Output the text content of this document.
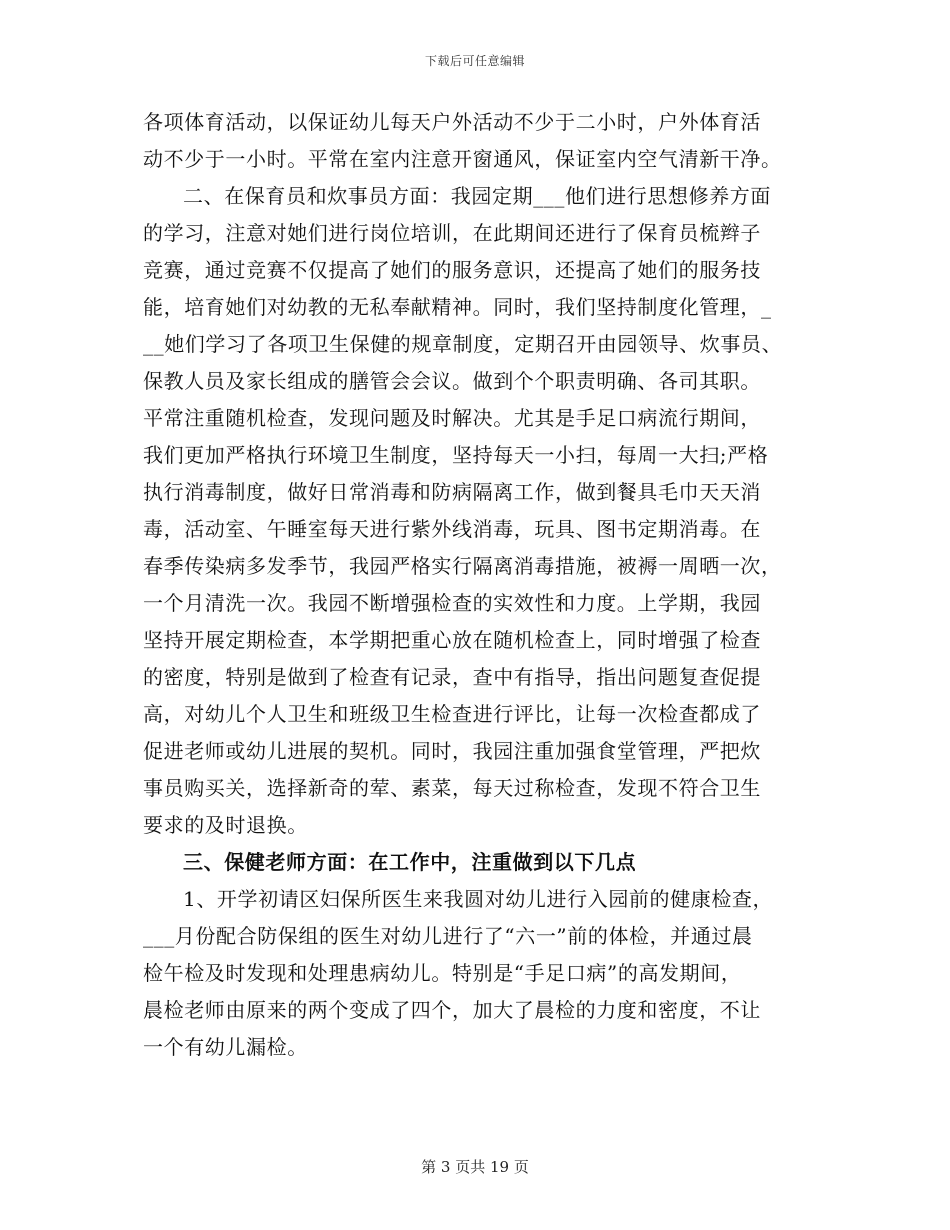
下载后可任意编辑
各项体育活动，以保证幼儿每天户外活动不少于二小时，户外体育活
动不少于一小时。平常在室内注意开窗通风，保证室内空气清新干净。
二、在保育员和炊事员方面：我园定期___他们进行思想修养方面
的学习，注意对她们进行岗位培训，在此期间还进行了保育员梳辫子
竞赛，通过竞赛不仅提高了她们的服务意识，还提高了她们的服务技
能，培育她们对幼教的无私奉献精神。同时，我们坚持制度化管理，_
__她们学习了各项卫生保健的规章制度，定期召开由园领导、炊事员、
保教人员及家长组成的膳管会会议。做到个个职责明确、各司其职。
平常注重随机检查，发现问题及时解决。尤其是手足口病流行期间，
我们更加严格执行环境卫生制度，坚持每天一小扫，每周一大扫;严格
执行消毒制度，做好日常消毒和防病隔离工作，做到餐具毛巾天天消
毒，活动室、午睡室每天进行紫外线消毒，玩具、图书定期消毒。在
春季传染病多发季节，我园严格实行隔离消毒措施，被褥一周晒一次，
一个月清洗一次。我园不断增强检查的实效性和力度。上学期，我园
坚持开展定期检查，本学期把重心放在随机检查上，同时增强了检查
的密度，特别是做到了检查有记录，查中有指导，指出问题复查促提
高，对幼儿个人卫生和班级卫生检查进行评比，让每一次检查都成了
促进老师或幼儿进展的契机。同时，我园注重加强食堂管理，严把炊
事员购买关，选择新奇的荤、素菜，每天过称检查，发现不符合卫生
要求的及时退换。
三、保健老师方面：在工作中，注重做到以下几点
1、开学初请区妇保所医生来我圆对幼儿进行入园前的健康检查，
___月份配合防保组的医生对幼儿进行了“六一”前的体检，并通过晨
检午检及时发现和处理患病幼儿。特别是“手足口病”的高发期间，
晨检老师由原来的两个变成了四个，加大了晨检的力度和密度，不让
一个有幼儿漏检。
第 3 页共 19 页
